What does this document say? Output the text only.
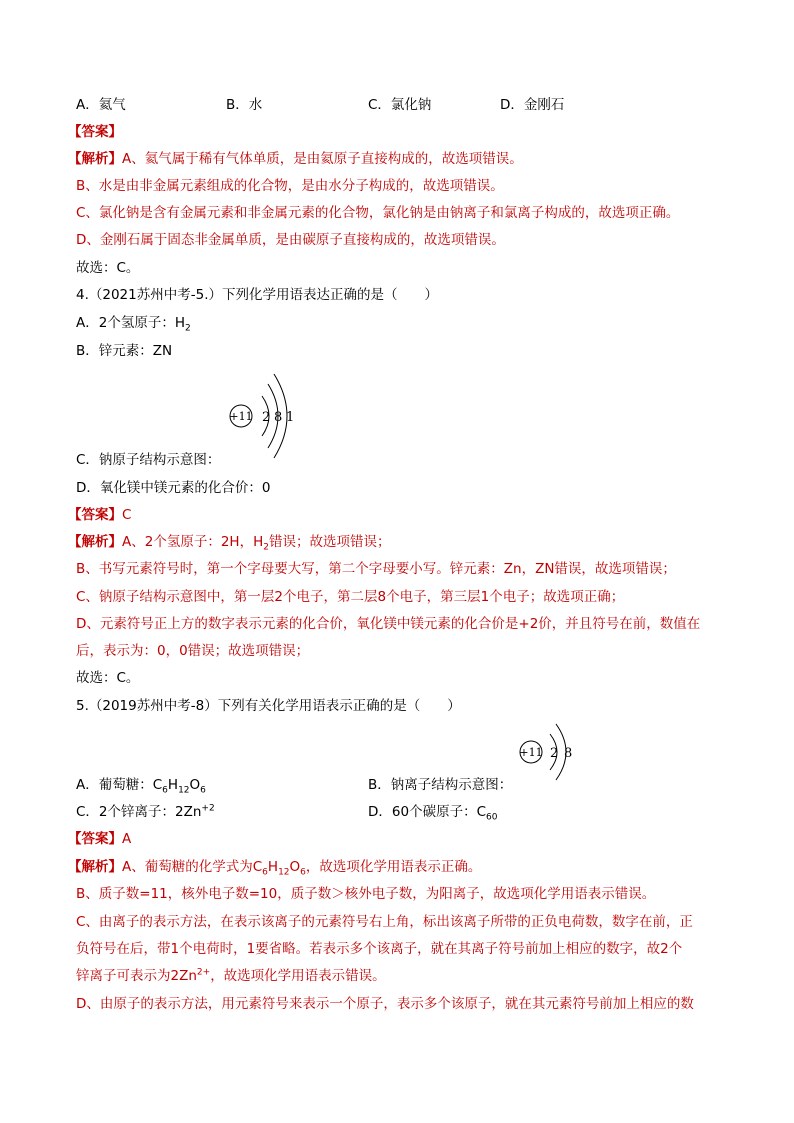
A．氦气	B．水	C．氯化钠	D．金刚石
【答案】
【解析】A、氦气属于稀有气体单质，是由氦原子直接构成的，故选项错误。
B、水是由非金属元素组成的化合物，是由水分子构成的，故选项错误。
C、氯化钠是含有金属元素和非金属元素的化合物，氯化钠是由钠离子和氯离子构成的，故选项正确。
D、金刚石属于固态非金属单质，是由碳原子直接构成的，故选项错误。
故选：C。
4.（2021苏州中考-5.）下列化学用语表达正确的是（　　）
A．2个氢原子：$H_2$
B．锌元素：ZN
+11 2 8 1
C．钠原子结构示意图：
D．氧化镁中镁元素的化合价：0
【答案】C
【解析】A、2个氢原子：2H，$H_2$错误；故选项错误；
B、书写元素符号时，第一个字母要大写，第二个字母要小写。锌元素：Zn，ZN错误，故选项错误；
C、钠原子结构示意图中，第一层2个电子，第二层8个电子，第三层1个电子；故选项正确；
D、元素符号正上方的数字表示元素的化合价，氧化镁中镁元素的化合价是+2价，并且符号在前，数值在
后，表示为：0，0错误；故选项错误；
故选：C。
5.（2019苏州中考-8）下列有关化学用语表示正确的是（　　）
+11 2 8
A．葡萄糖：$C_6H_{12}O_6$	B．钠离子结构示意图：
C．2个锌离子：$2Zn^{+2}$	D．60个碳原子：$C_{60}$
【答案】A
【解析】A、葡萄糖的化学式为$C_6H_{12}O_6$，故选项化学用语表示正确。
B、质子数=11，核外电子数=10，质子数＞核外电子数，为阳离子，故选项化学用语表示错误。
C、由离子的表示方法，在表示该离子的元素符号右上角，标出该离子所带的正负电荷数，数字在前，正
负符号在后，带1个电荷时，1要省略。若表示多个该离子，就在其离子符号前加上相应的数字，故2个
锌离子可表示为$2Zn^{2+}$，故选项化学用语表示错误。
D、由原子的表示方法，用元素符号来表示一个原子，表示多个该原子，就在其元素符号前加上相应的数
